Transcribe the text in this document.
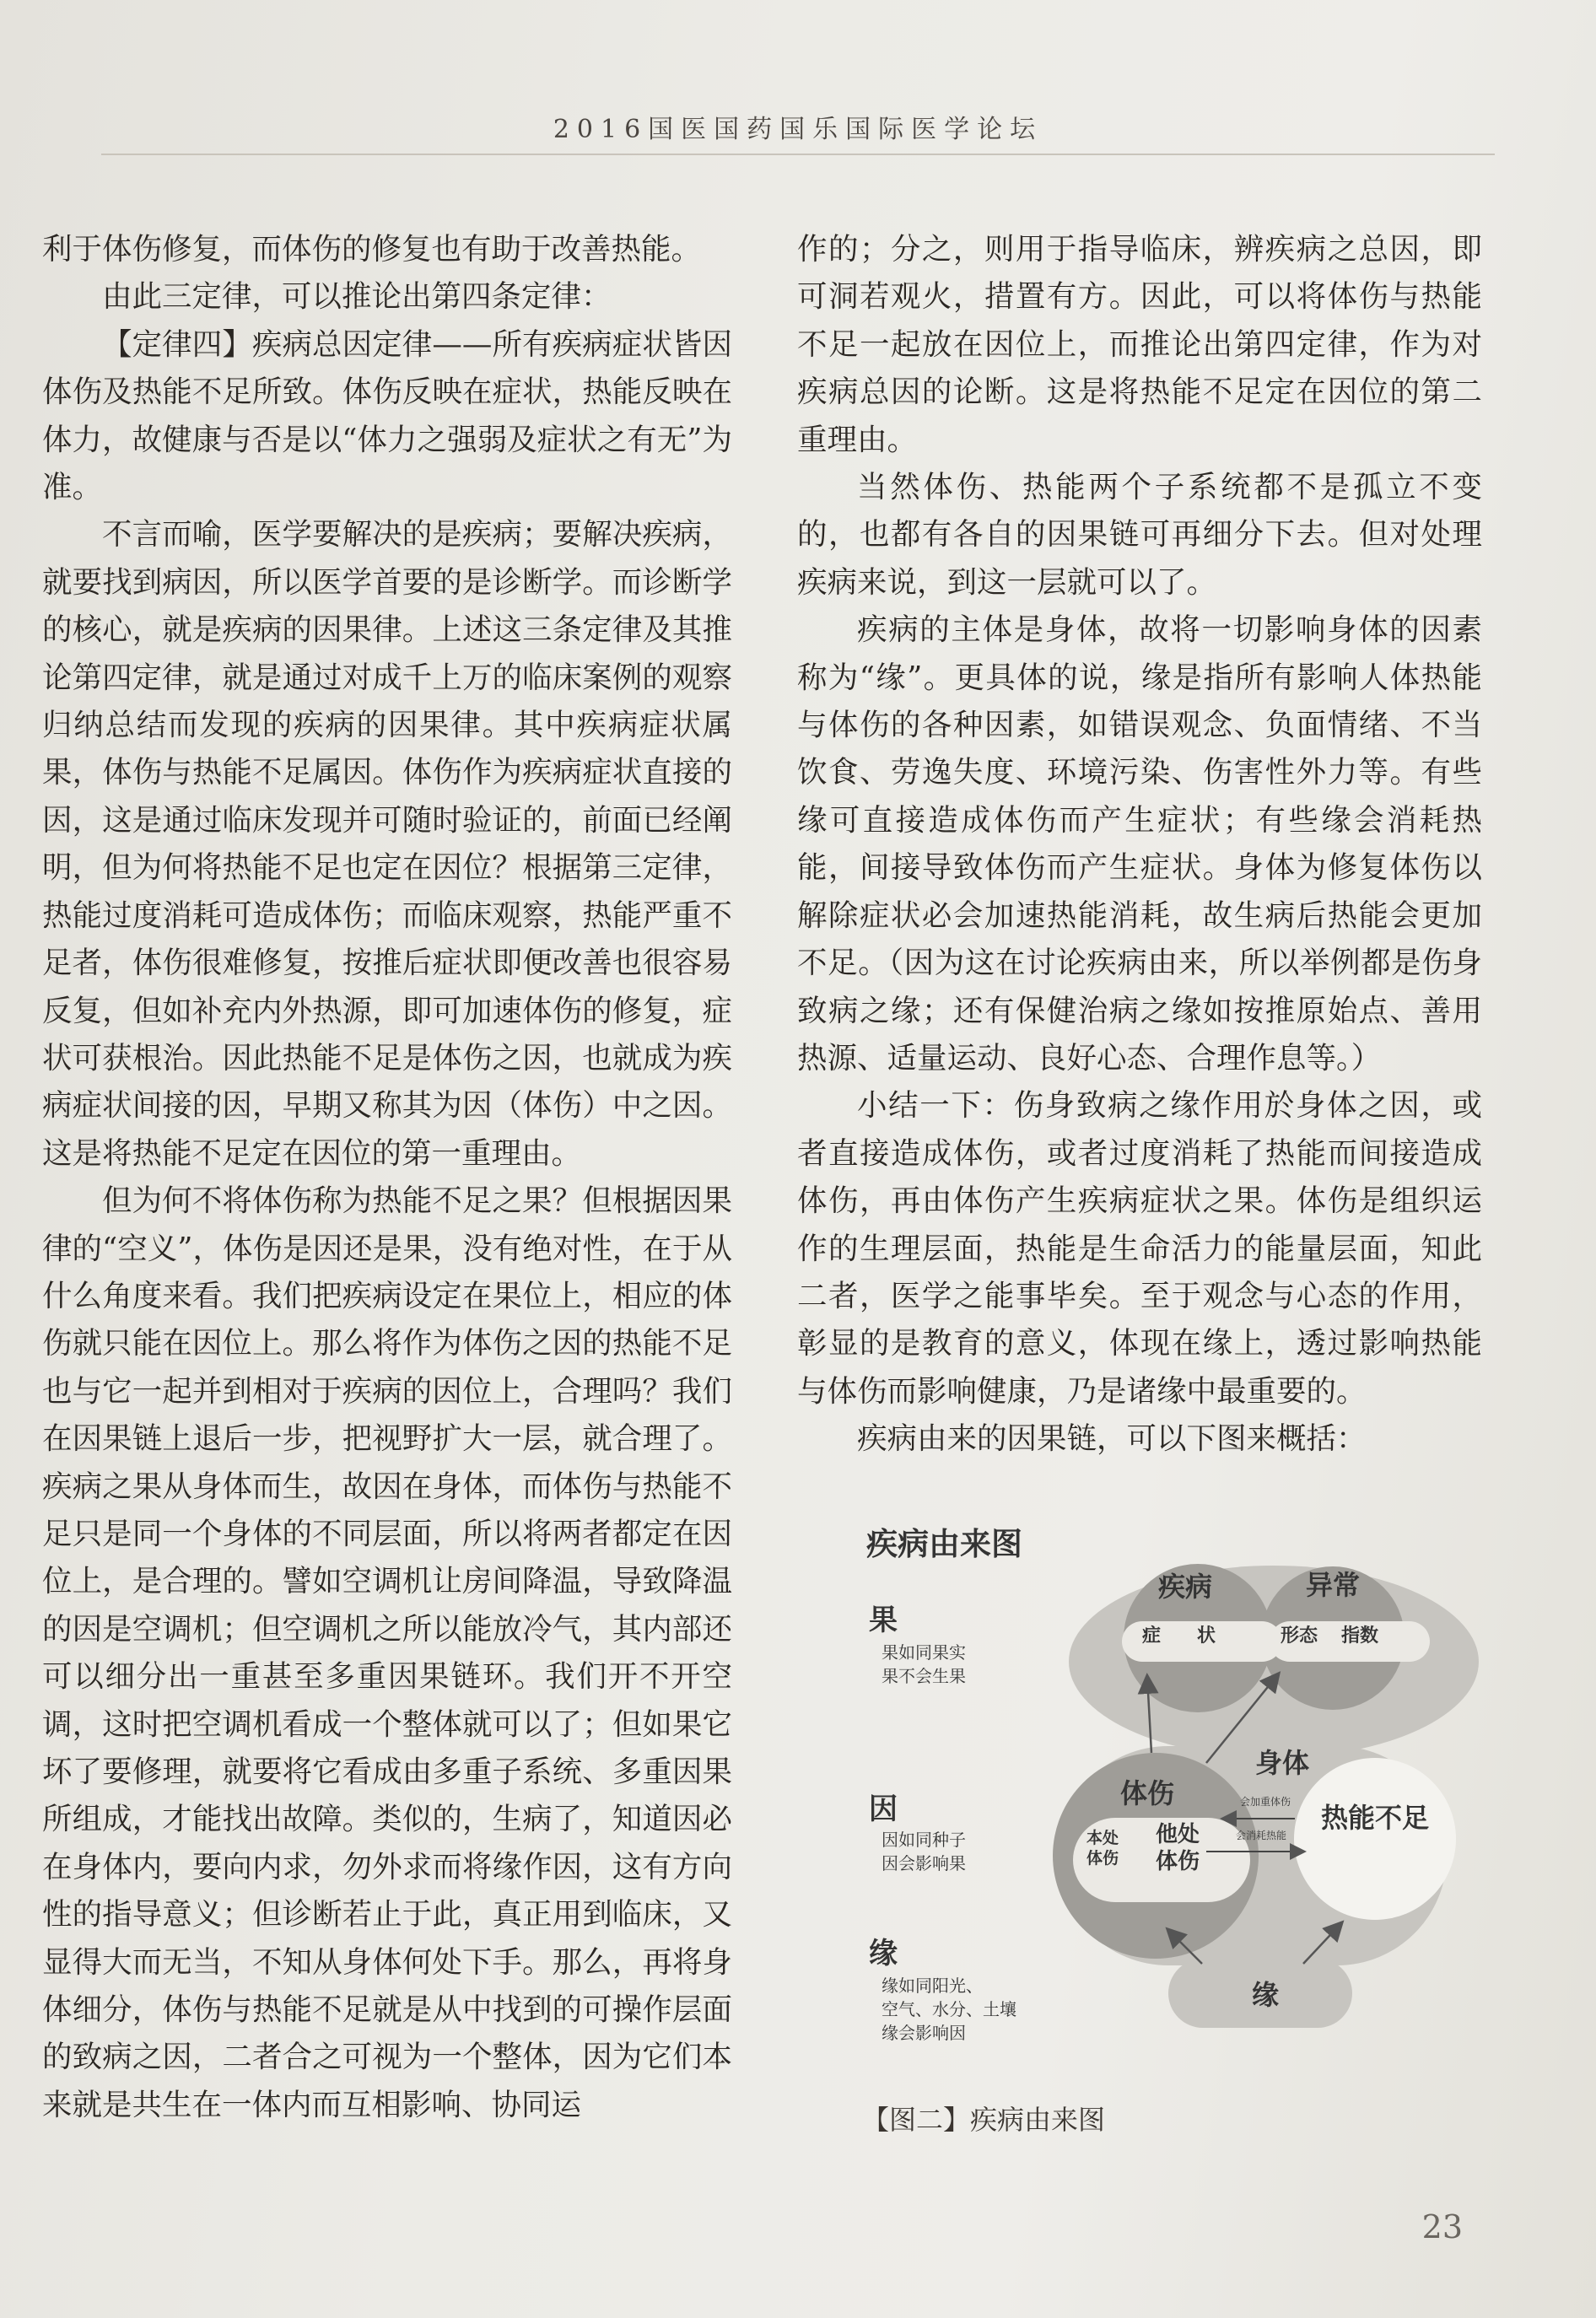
2016国医国药国乐国际医学论坛

利于体伤修复，而体伤的修复也有助于改善热能。

由此三定律，可以推论出第四条定律：

【定律四】疾病总因定律——所有疾病症状皆因体伤及热能不足所致。体伤反映在症状，热能反映在体力，故健康与否是以“体力之强弱及症状之有无”为准。

不言而喻，医学要解决的是疾病；要解决疾病，就要找到病因，所以医学首要的是诊断学。而诊断学的核心，就是疾病的因果律。上述这三条定律及其推论第四定律，就是通过对成千上万的临床案例的观察归纳总结而发现的疾病的因果律。其中疾病症状属果，体伤与热能不足属因。体伤作为疾病症状直接的因，这是通过临床发现并可随时验证的，前面已经阐明，但为何将热能不足也定在因位？根据第三定律，热能过度消耗可造成体伤；而临床观察，热能严重不足者，体伤很难修复，按推后症状即便改善也很容易反复，但如补充内外热源，即可加速体伤的修复，症状可获根治。因此热能不足是体伤之因，也就成为疾病症状间接的因，早期又称其为因（体伤）中之因。这是将热能不足定在因位的第一重理由。

但为何不将体伤称为热能不足之果？但根据因果律的“空义”，体伤是因还是果，没有绝对性，在于从什么角度来看。我们把疾病设定在果位上，相应的体伤就只能在因位上。那么将作为体伤之因的热能不足也与它一起并到相对于疾病的因位上，合理吗？我们在因果链上退后一步，把视野扩大一层，就合理了。疾病之果从身体而生，故因在身体，而体伤与热能不足只是同一个身体的不同层面，所以将两者都定在因位上，是合理的。譬如空调机让房间降温，导致降温的因是空调机；但空调机之所以能放冷气，其内部还可以细分出一重甚至多重因果链环。我们开不开空调，这时把空调机看成一个整体就可以了；但如果它坏了要修理，就要将它看成由多重子系统、多重因果所组成，才能找出故障。类似的，生病了，知道因必在身体内，要向内求，勿外求而将缘作因，这有方向性的指导意义；但诊断若止于此，真正用到临床，又显得大而无当，不知从身体何处下手。那么，再将身体细分，体伤与热能不足就是从中找到的可操作层面的致病之因，二者合之可视为一个整体，因为它们本来就是共生在一体内而互相影响、协同运

作的；分之，则用于指导临床，辨疾病之总因，即可洞若观火，措置有方。因此，可以将体伤与热能不足一起放在因位上，而推论出第四定律，作为对疾病总因的论断。这是将热能不足定在因位的第二重理由。

当然体伤、热能两个子系统都不是孤立不变的，也都有各自的因果链可再细分下去。但对处理疾病来说，到这一层就可以了。

疾病的主体是身体，故将一切影响身体的因素称为“缘”。更具体的说，缘是指所有影响人体热能与体伤的各种因素，如错误观念、负面情绪、不当饮食、劳逸失度、环境污染、伤害性外力等。有些缘可直接造成体伤而产生症状；有些缘会消耗热能，间接导致体伤而产生症状。身体为修复体伤以解除症状必会加速热能消耗，故生病后热能会更加不足。（因为这在讨论疾病由来，所以举例都是伤身致病之缘；还有保健治病之缘如按推原始点、善用热源、适量运动、良好心态、合理作息等。）

小结一下：伤身致病之缘作用於身体之因，或者直接造成体伤，或者过度消耗了热能而间接造成体伤，再由体伤产生疾病症状之果。体伤是组织运作的生理层面，热能是生命活力的能量层面，知此二者，医学之能事毕矣。至于观念与心态的作用，彰显的是教育的意义，体现在缘上，透过影响热能与体伤而影响健康，乃是诸缘中最重要的。

疾病由来的因果链，可以下图来概括：

疾病由来图
果
果如同果实
果不会生果
因
因如同种子
因会影响果
缘
缘如同阳光、
空气、水分、土壤
缘会影响因
疾病
症 状
异常
形态	指数
身体
体伤
本处
体伤
他处
体伤
热能不足
会加重体伤
会消耗热能
缘
【图二】疾病由来图
23
